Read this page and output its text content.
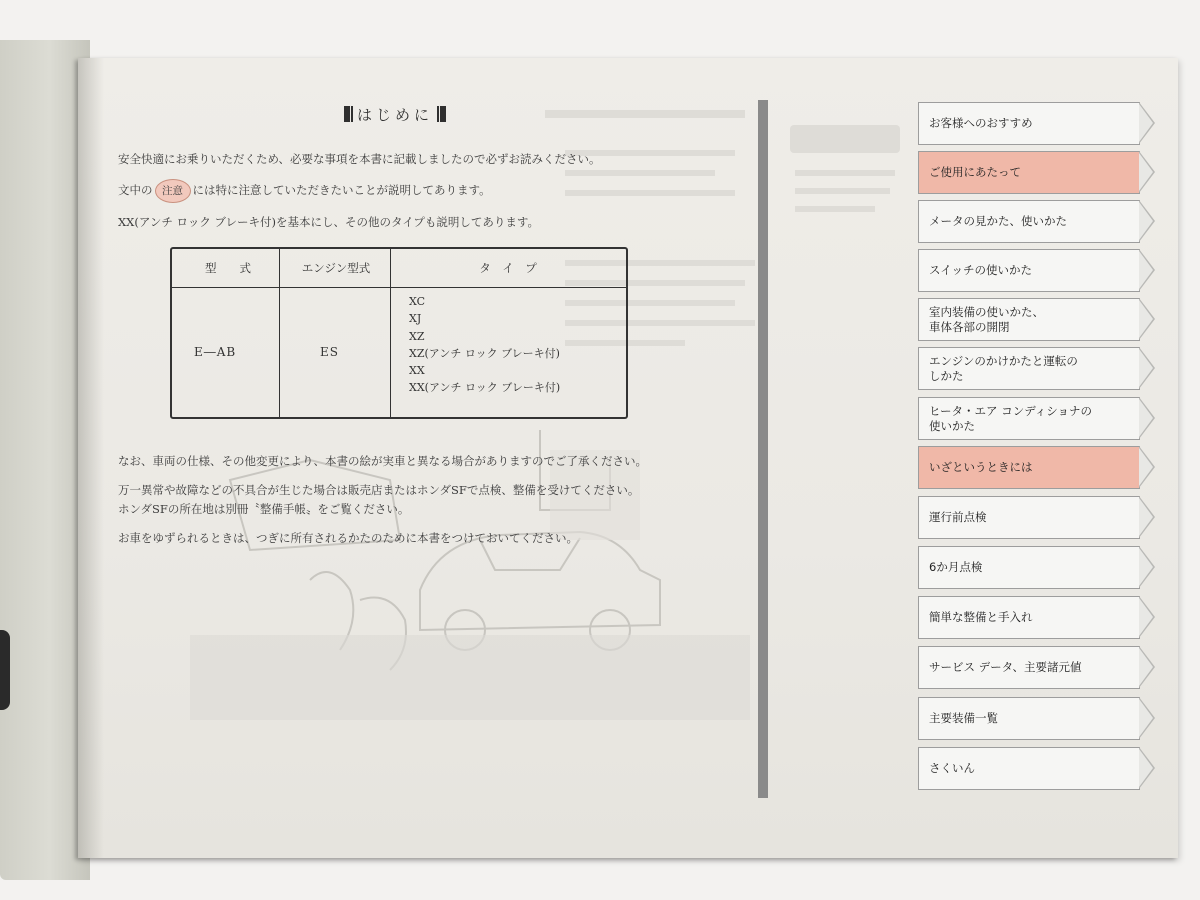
はじめに
安全快適にお乗りいただくため、必要な事項を本書に記載しましたので必ずお読みください。
文中の 注意 には特に注意していただきたいことが説明してあります。
XX(アンチ ロック ブレーキ付)を基本にし、その他のタイプも説明してあります。
型　　式	エンジン型式	タ　イ　プ
E―AB	ES
XC
XJ
XZ
XZ(アンチ ロック ブレーキ付)
XX
XX(アンチ ロック ブレーキ付)
なお、車両の仕様、その他変更により、本書の絵が実車と異なる場合がありますのでご了承ください。
万一異常や故障などの不具合が生じた場合は販売店またはホンダSFで点検、整備を受けてください。
ホンダSFの所在地は別冊〝整備手帳〟をご覧ください。
お車をゆずられるときは、つぎに所有されるかたのために本書をつけておいてください。
お客様へのおすすめ
ご使用にあたって
メータの見かた、使いかた
スイッチの使いかた
室内装備の使いかた、
車体各部の開閉
エンジンのかけかたと運転の
しかた
ヒータ・エア コンディショナの
使いかた
いざというときには
運行前点検
6か月点検
簡単な整備と手入れ
サービス データ、主要諸元値
主要装備一覧
さくいん
